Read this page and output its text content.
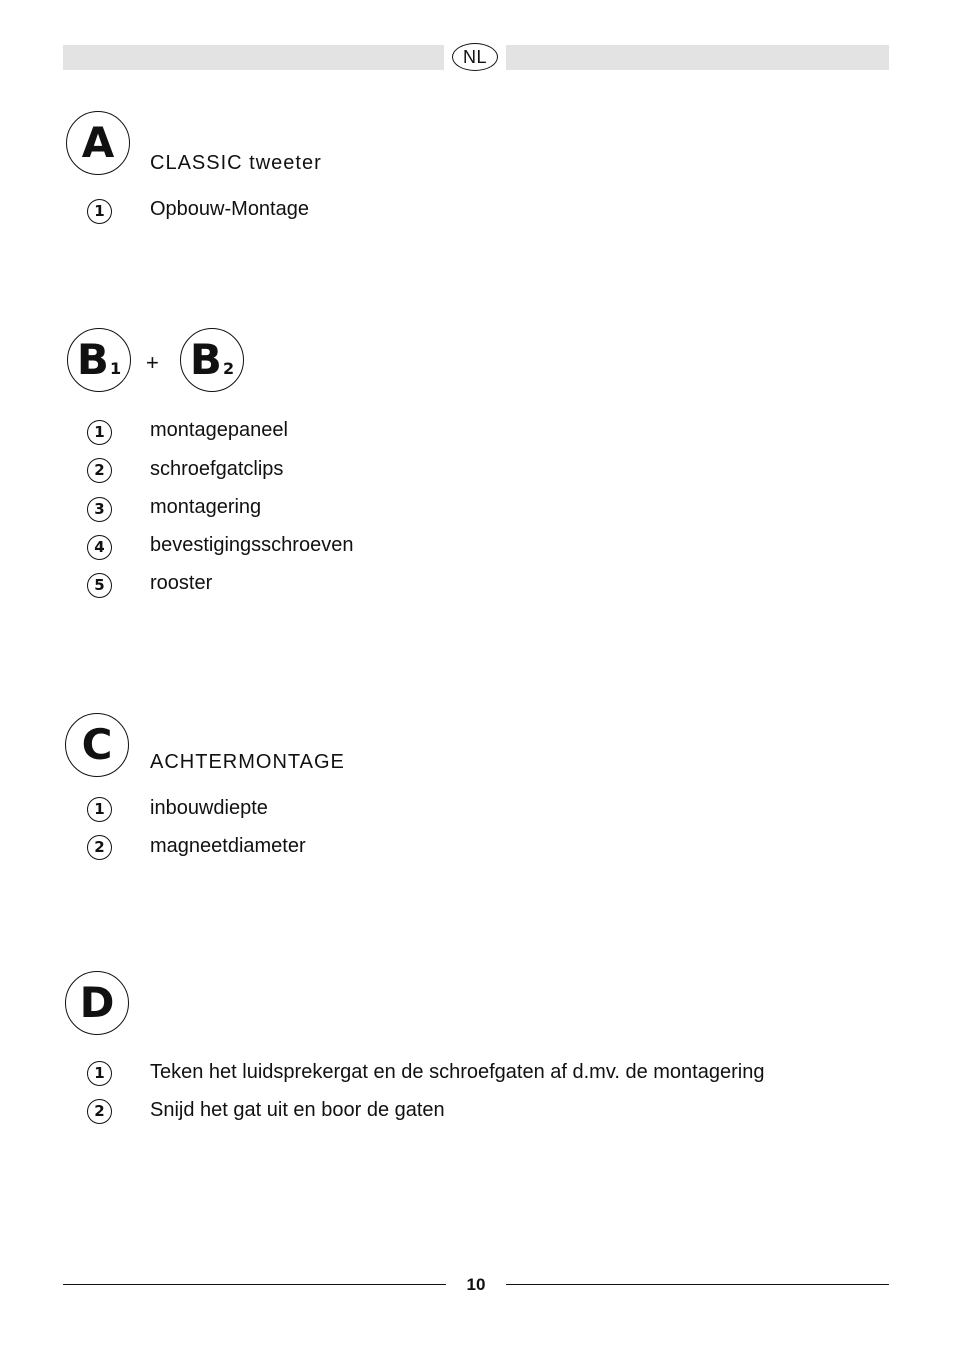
NL
A CLASSIC tweeter
1	Opbouw-Montage
B 1 + B 2
1	montagepaneel
2	schroefgatclips
3	montagering
4	bevestigingsschroeven
5	rooster
C ACHTERMONTAGE
1	inbouwdiepte
2	magneetdiameter
D
1	Teken het luidsprekergat en de schroefgaten af d.mv. de montagering
2	Snijd het gat uit en boor de gaten
10
